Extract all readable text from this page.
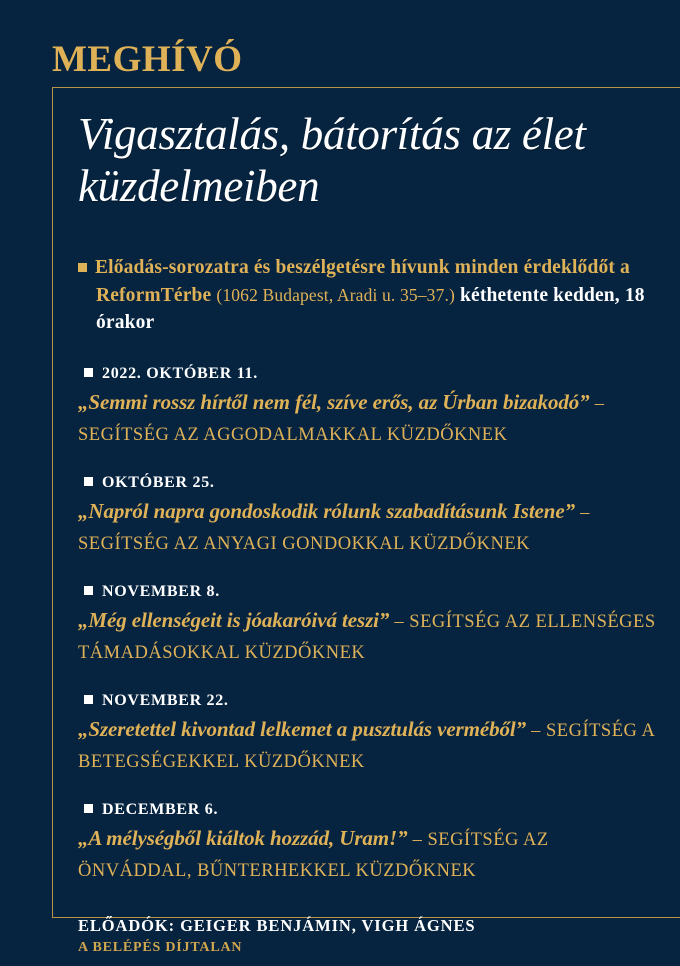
MEGHÍVÓ
Vigasztalás, bátorítás az élet küzdelmeiben
Előadás-sorozatra és beszélgetésre hívunk minden érdeklődőt a ReformTérbe (1062 Budapest, Aradi u. 35–37.) kéthetente kedden, 18 órakor
2022. OKTÓBER 11.
„Semmi rossz hírtől nem fél, szíve erős, az Úrban bizakodó” – SEGÍTSÉG AZ AGGODALMAKKAL KÜZDŐKNEK
OKTÓBER 25.
„Napról napra gondoskodik rólunk szabadításunk Istene” – SEGÍTSÉG AZ ANYAGI GONDOKKAL KÜZDŐKNEK
NOVEMBER 8.
„Még ellenségeit is jóakaróivá teszi” – SEGÍTSÉG AZ ELLENSÉGES TÁMADÁSOKKAL KÜZDŐKNEK
NOVEMBER 22.
„Szeretettel kivontad lelkemet a pusztulás verméből” – SEGÍTSÉG A BETEGSÉGEKKEL KÜZDŐKNEK
DECEMBER 6.
„A mélységből kiáltok hozzád, Uram!” – SEGÍTSÉG AZ ÖNVÁDDAL, BŰNTERHEKKEL KÜZDŐKNEK
ELŐADÓK: GEIGER BENJÁMIN, VIGH ÁGNES
A BELÉPÉS DÍJTALAN
